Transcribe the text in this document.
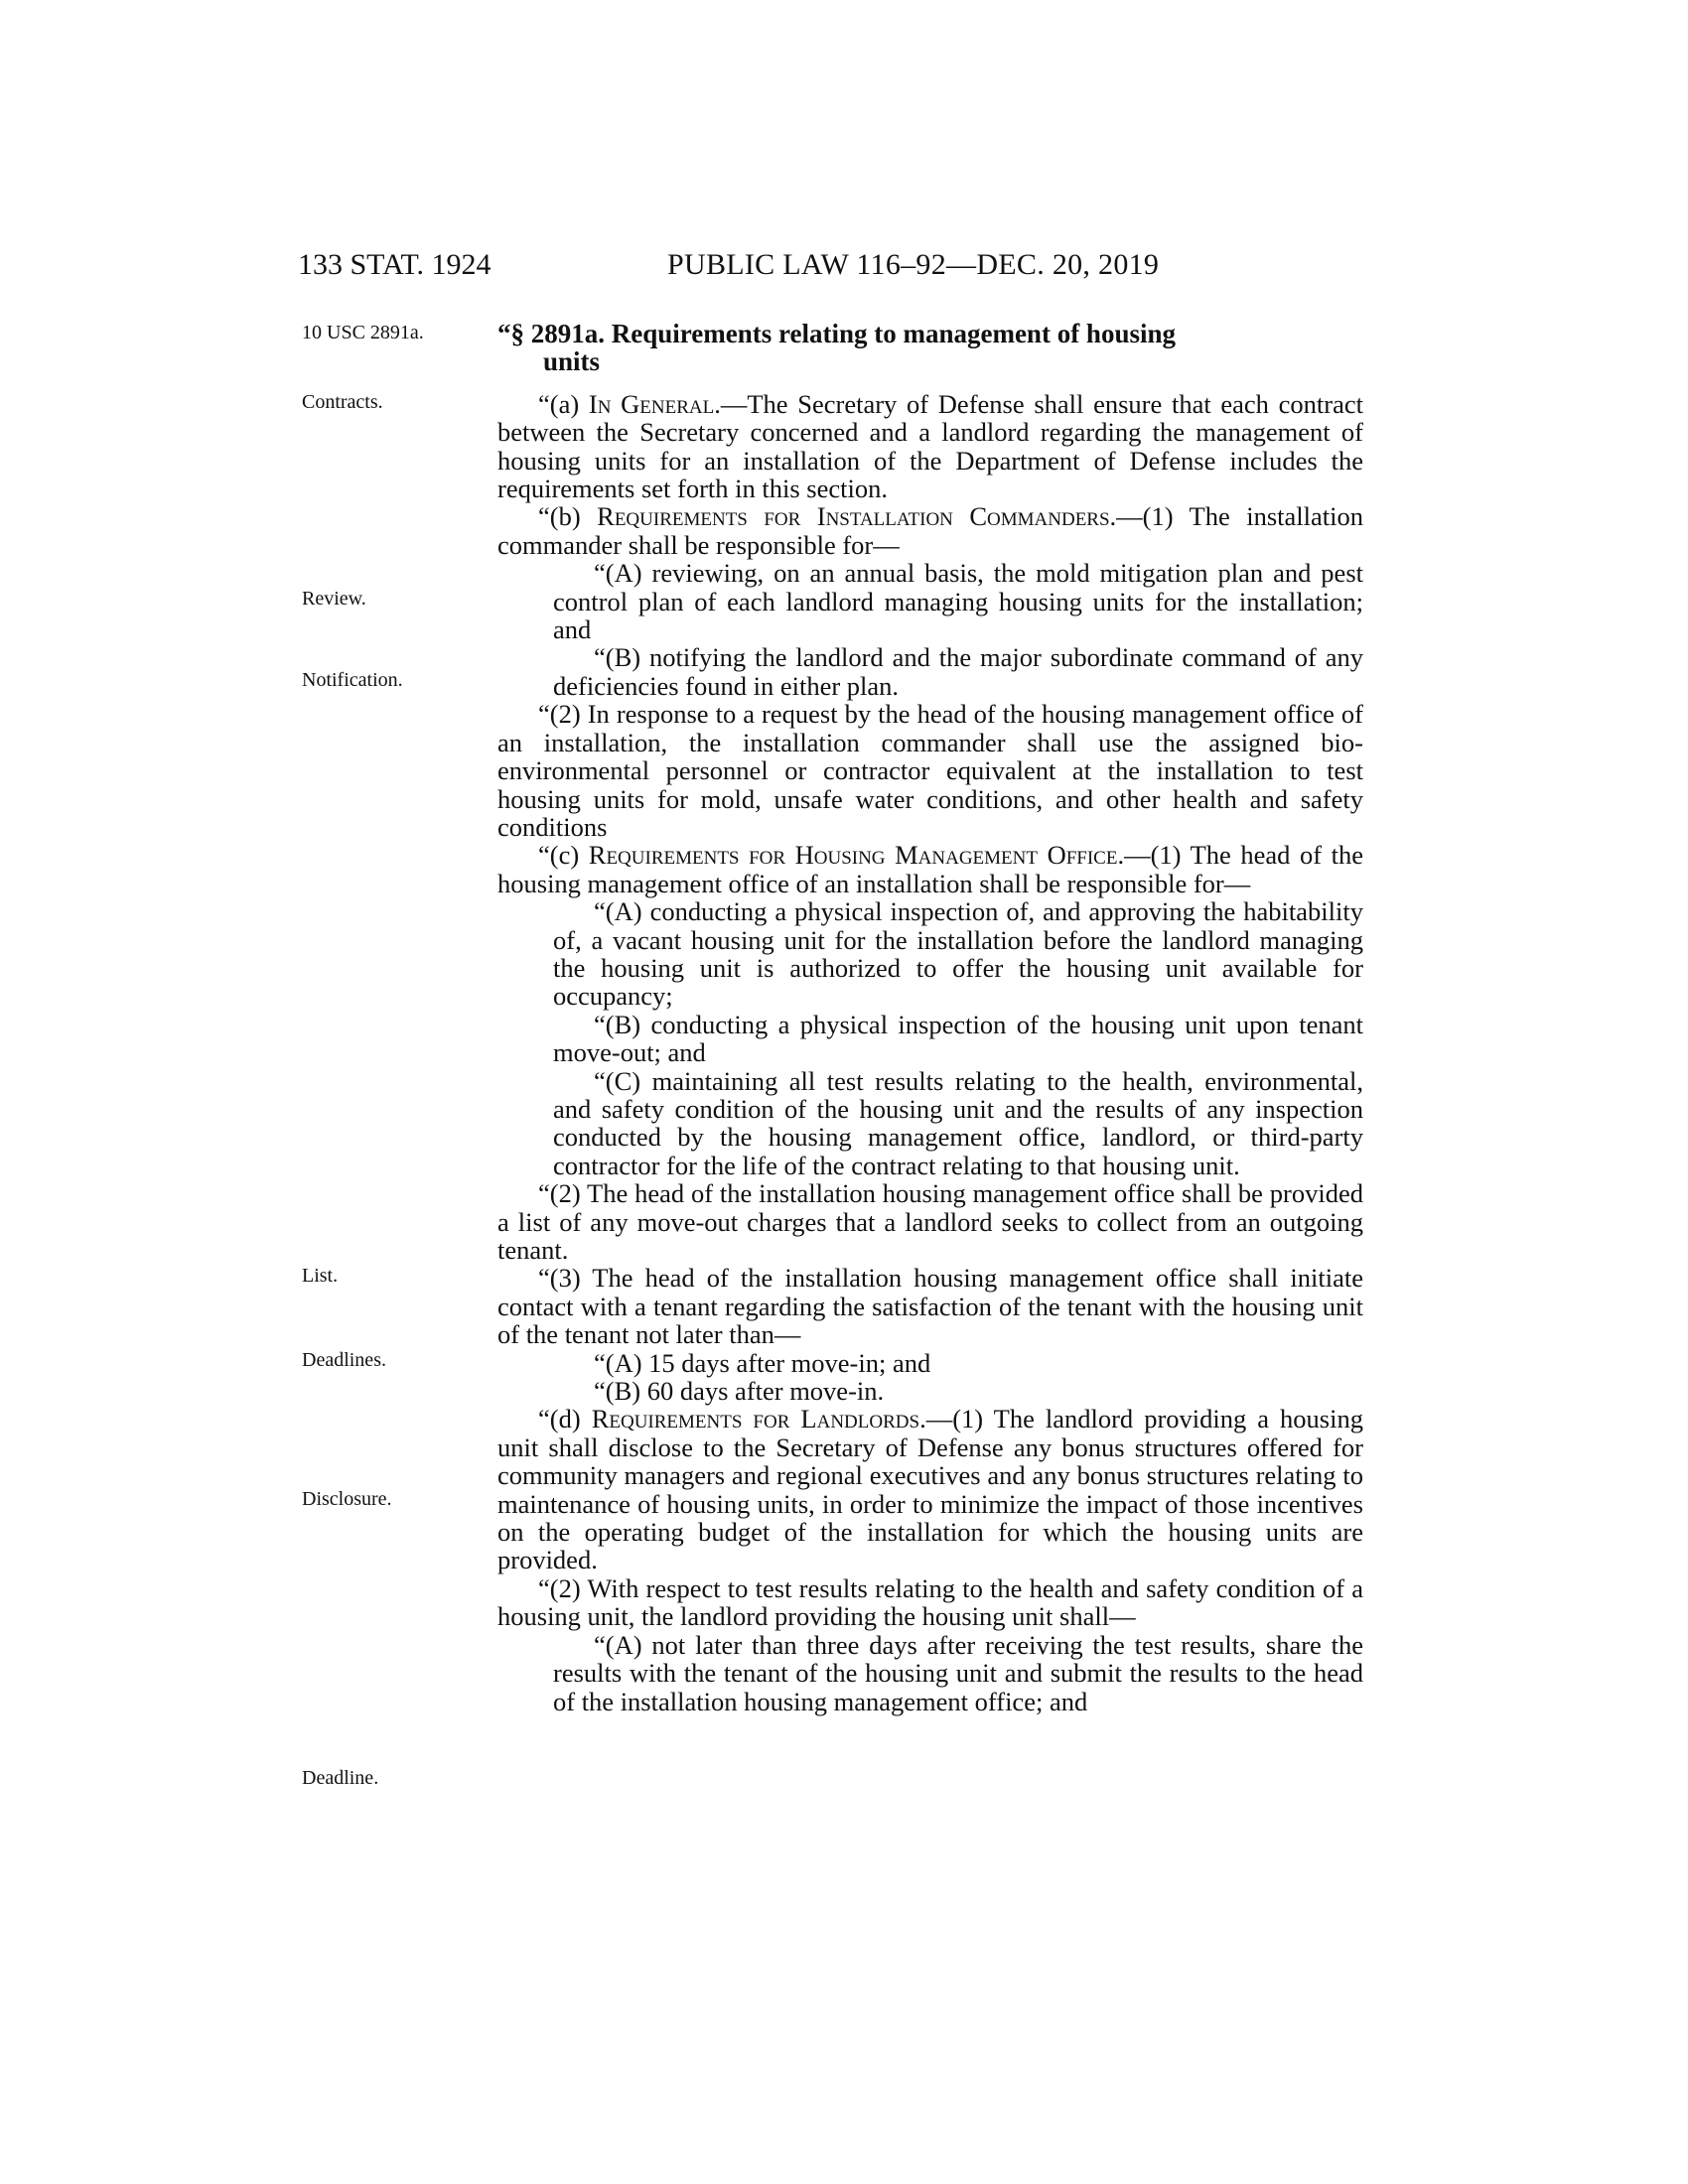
133 STAT. 1924	PUBLIC LAW 116–92—DEC. 20, 2019
10 USC 2891a.
Contracts.
Review.
Notification.
List.
Deadlines.
Disclosure.
Deadline.

“§ 2891a. Requirements relating to management of housing
units

“(a) In General.—The Secretary of Defense shall ensure that each contract between the Secretary concerned and a landlord regarding the management of housing units for an installation of the Department of Defense includes the requirements set forth in this section.

“(b) Requirements for Installation Commanders.—(1) The installation commander shall be responsible for—

“(A) reviewing, on an annual basis, the mold mitigation plan and pest control plan of each landlord managing housing units for the installation; and

“(B) notifying the landlord and the major subordinate command of any deficiencies found in either plan.

“(2) In response to a request by the head of the housing management office of an installation, the installation commander shall use the assigned bio-environmental personnel or contractor equivalent at the installation to test housing units for mold, unsafe water conditions, and other health and safety conditions

“(c) Requirements for Housing Management Office.—(1) The head of the housing management office of an installation shall be responsible for—

“(A) conducting a physical inspection of, and approving the habitability of, a vacant housing unit for the installation before the landlord managing the housing unit is authorized to offer the housing unit available for occupancy;

“(B) conducting a physical inspection of the housing unit upon tenant move-out; and

“(C) maintaining all test results relating to the health, environmental, and safety condition of the housing unit and the results of any inspection conducted by the housing management office, landlord, or third-party contractor for the life of the contract relating to that housing unit.

“(2) The head of the installation housing management office shall be provided a list of any move-out charges that a landlord seeks to collect from an outgoing tenant.

“(3) The head of the installation housing management office shall initiate contact with a tenant regarding the satisfaction of the tenant with the housing unit of the tenant not later than—

“(A) 15 days after move-in; and

“(B) 60 days after move-in.

“(d) Requirements for Landlords.—(1) The landlord providing a housing unit shall disclose to the Secretary of Defense any bonus structures offered for community managers and regional executives and any bonus structures relating to maintenance of housing units, in order to minimize the impact of those incentives on the operating budget of the installation for which the housing units are provided.

“(2) With respect to test results relating to the health and safety condition of a housing unit, the landlord providing the housing unit shall—

“(A) not later than three days after receiving the test results, share the results with the tenant of the housing unit and submit the results to the head of the installation housing management office; and
